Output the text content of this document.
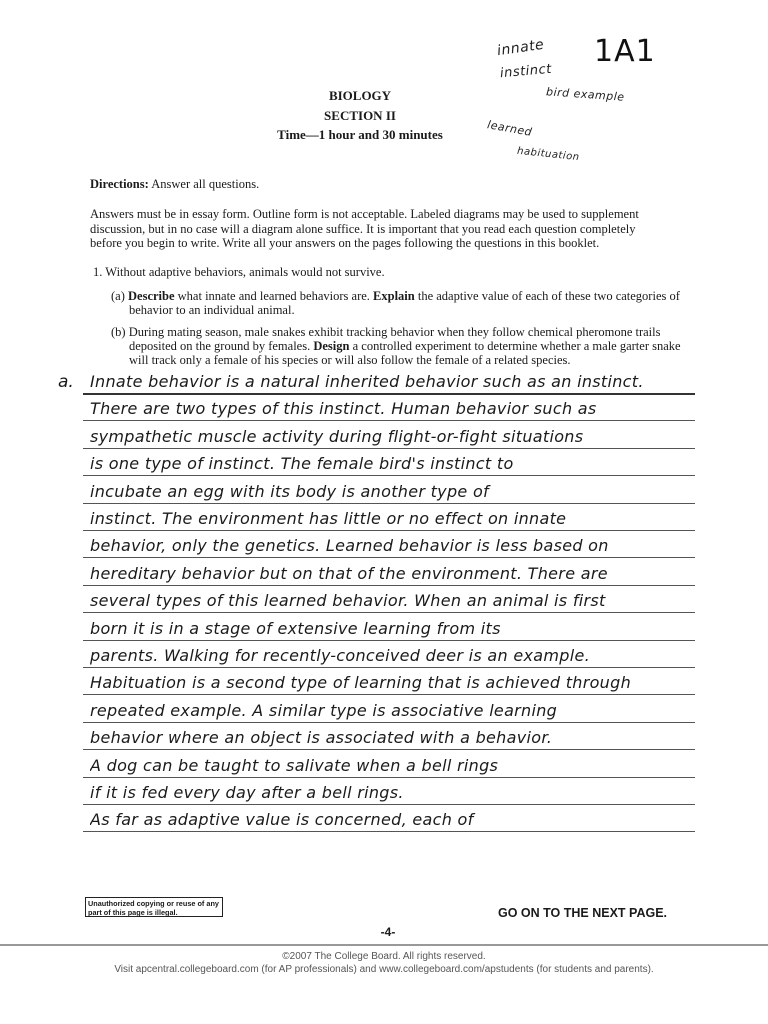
innate
instinct
bird example
learned
habituation
1A1
BIOLOGY
SECTION II
Time—1 hour and 30 minutes
Directions: Answer all questions.
Answers must be in essay form. Outline form is not acceptable. Labeled diagrams may be used to supplement discussion, but in no case will a diagram alone suffice. It is important that you read each question completely before you begin to write. Write all your answers on the pages following the questions in this booklet.
1. Without adaptive behaviors, animals would not survive.
(a) Describe what innate and learned behaviors are. Explain the adaptive value of each of these two categories of behavior to an individual animal.
(b) During mating season, male snakes exhibit tracking behavior when they follow chemical pheromone trails deposited on the ground by females. Design a controlled experiment to determine whether a male garter snake will track only a female of his species or will also follow the female of a related species.
a. Innate behavior is a natural inherited behavior such as an instinct.
There are two types of this instinct. Human behavior such as
sympathetic muscle activity during flight-or-fight situations
is one type of instinct. The female bird's instinct to
incubate an egg with its body is another type of
instinct. The environment has little or no effect on innate
behavior, only the genetics. Learned behavior is less based on
hereditary behavior but on that of the environment. There are
several types of this learned behavior. When an animal is first
born it is in a stage of extensive learning from its
parents. Walking for recently-conceived deer is an example.
Habituation is a second type of learning that is achieved through
repeated example. A similar type is associative learning
behavior where an object is associated with a behavior.
A dog can be taught to salivate when a bell rings
if it is fed every day after a bell rings.
As far as adaptive value is concerned, each of
Unauthorized copying or reuse of any part of this page is illegal.	GO ON TO THE NEXT PAGE.
-4-
©2007 The College Board. All rights reserved.
Visit apcentral.collegeboard.com (for AP professionals) and www.collegeboard.com/apstudents (for students and parents).
